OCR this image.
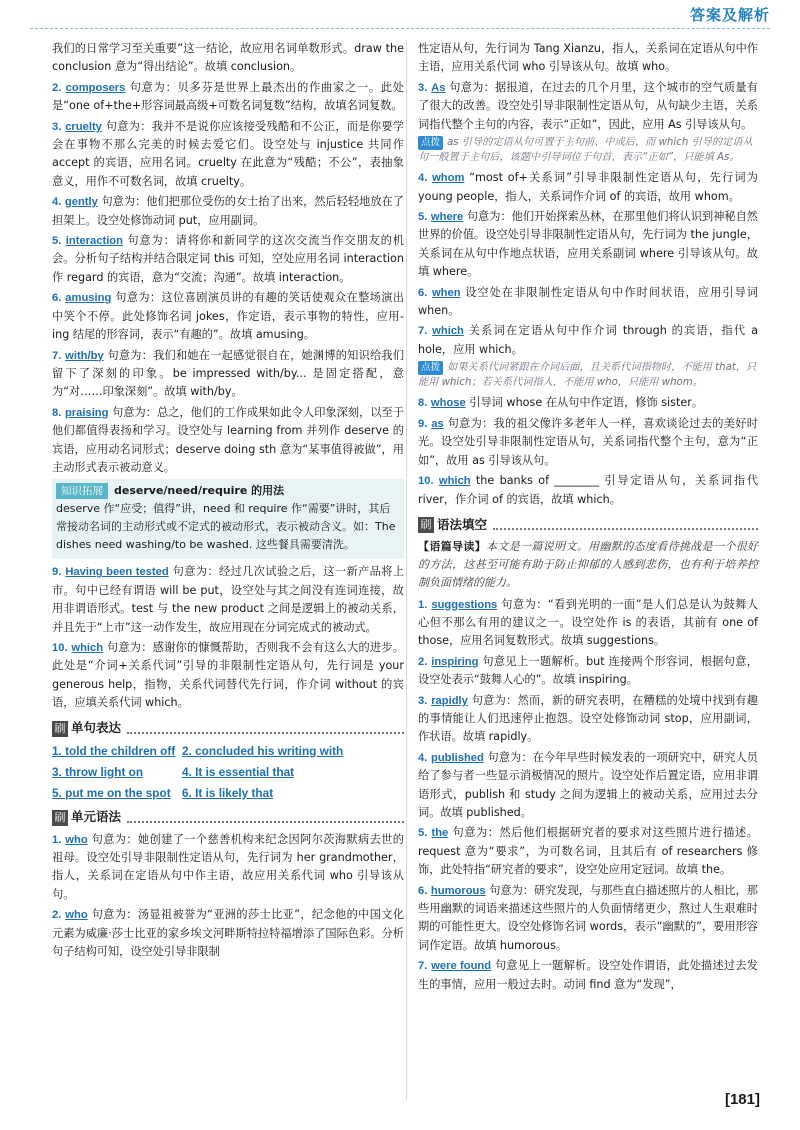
答案及解析

我们的日常学习至关重要”这一结论，故应用名词单数形式。draw the conclusion 意为“得出结论”。故填 conclusion。

2. composers 句意为：贝多芬是世界上最杰出的作曲家之一。此处是“one of+the+形容词最高级+可数名词复数”结构，故填名词复数。

3. cruelty 句意为：我并不是说你应该接受残酷和不公正，而是你要学会在事物不那么完美的时候去爱它们。设空处与 injustice 共同作 accept 的宾语，应用名词。cruelty 在此意为“残酷；不公”，表抽象意义，用作不可数名词，故填 cruelty。

4. gently 句意为：他们把那位受伤的女士抬了出来，然后轻轻地放在了担架上。设空处修饰动词 put，应用副词。

5. interaction 句意为：请将你和新同学的这次交流当作交朋友的机会。分析句子结构并结合限定词 this 可知，空处应用名词 interaction 作 regard 的宾语，意为“交流；沟通”。故填 interaction。

6. amusing 句意为：这位喜剧演员讲的有趣的笑话使观众在整场演出中笑个不停。此处修饰名词 jokes，作定语，表示事物的特性，应用-ing 结尾的形容词，表示“有趣的”。故填 amusing。

7. with/by 句意为：我们和她在一起感觉很自在，她渊博的知识给我们留下了深刻的印象。be impressed with/by... 是固定搭配，意为“对……印象深刻”。故填 with/by。

8. praising 句意为：总之，他们的工作成果如此令人印象深刻，以至于他们都值得表扬和学习。设空处与 learning from 并列作 deserve 的宾语，应用动名词形式；deserve doing sth 意为“某事值得被做”，用主动形式表示被动意义。

知识拓展 deserve/need/require 的用法
deserve 作“应受；值得”讲，need 和 require 作“需要”讲时，其后常接动名词的主动形式或不定式的被动形式，表示被动含义。如：The dishes need washing/to be washed. 这些餐具需要清洗。

9. Having been tested 句意为：经过几次试验之后，这一新产品将上市。句中已经有谓语 will be put，设空处与其之间没有连词连接，故用非谓语形式。test 与 the new product 之间是逻辑上的被动关系，并且先于“上市”这一动作发生，故应用现在分词完成式的被动式。

10. which 句意为：感谢你的慷慨帮助，否则我不会有这么大的进步。此处是“介词+关系代词”引导的非限制性定语从句，先行词是 your generous help，指物，关系代词替代先行词，作介词 without 的宾语，应填关系代词 which。

刷 单句表达
1. told the children off 2. concluded his writing with
3. throw light on	4. It is essential that
5. put me on the spot 6. It is likely that
刷 单元语法

1. who 句意为：她创建了一个慈善机构来纪念因阿尔茨海默病去世的祖母。设空处引导非限制性定语从句，先行词为 her grandmother，指人，关系词在定语从句中作主语，故应用关系代词 who 引导该从句。

2. who 句意为：汤显祖被誉为“亚洲的莎士比亚”，纪念他的中国文化元素为威廉·莎士比亚的家乡埃文河畔斯特拉特福增添了国际色彩。分析句子结构可知，设空处引导非限制

性定语从句，先行词为 Tang Xianzu，指人，关系词在定语从句中作主语，应用关系代词 who 引导该从句。故填 who。

3. As 句意为：据报道，在过去的几个月里，这个城市的空气质量有了很大的改善。设空处引导非限制性定语从句，从句缺少主语，关系词指代整个主句的内容，表示“正如”，因此，应用 As 引导该从句。

点拨 as 引导的定语从句可置于主句前、中或后，而 which 引导的定语从句一般置于主句后，该题中引导词位于句首，表示“正如”，只能填 As。

4. whom “most of+关系词”引导非限制性定语从句，先行词为 young people，指人，关系词作介词 of 的宾语，故用 whom。

5. where 句意为：他们开始探索丛林，在那里他们将认识到神秘自然世界的价值。设空处引导非限制性定语从句，先行词为 the jungle，关系词在从句中作地点状语，应用关系副词 where 引导该从句。故填 where。

6. when 设空处在非限制性定语从句中作时间状语，应用引导词 when。

7. which 关系词在定语从句中作介词 through 的宾语，指代 a hole，应用 which。

点拨 如果关系代词紧跟在介词后面，且关系代词指物时，不能用 that，只能用 which；若关系代词指人，不能用 who，只能用 whom。

8. whose 引导词 whose 在从句中作定语，修饰 sister。

9. as 句意为：我的祖父像许多老年人一样，喜欢谈论过去的美好时光。设空处引导非限制性定语从句，关系词指代整个主句，意为“正如”，故用 as 引导该从句。

10. which the banks of ________ 引导定语从句，关系词指代 river，作介词 of 的宾语，故填 which。

刷 语法填空

【语篇导读】本文是一篇说明文。用幽默的态度看待挑战是一个很好的方法，这甚至可能有助于防止抑郁的人感到悲伤，也有利于培养控制负面情绪的能力。

1. suggestions 句意为：“看到光明的一面”是人们总是认为鼓舞人心但不那么有用的建议之一。设空处作 is 的表语，其前有 one of those，应用名词复数形式。故填 suggestions。

2. inspiring 句意见上一题解析。but 连接两个形容词，根据句意，设空处表示“鼓舞人心的”。故填 inspiring。

3. rapidly 句意为：然而，新的研究表明，在糟糕的处境中找到有趣的事情能让人们迅速停止抱怨。设空处修饰动词 stop，应用副词，作状语。故填 rapidly。

4. published 句意为：在今年早些时候发表的一项研究中，研究人员给了参与者一些显示消极情况的照片。设空处作后置定语，应用非谓语形式，publish 和 study 之间为逻辑上的被动关系，应用过去分词。故填 published。

5. the 句意为：然后他们根据研究者的要求对这些照片进行描述。request 意为“要求”，为可数名词，且其后有 of researchers 修饰，此处特指“研究者的要求”，设空处应用定冠词。故填 the。

6. humorous 句意为：研究发现，与那些直白描述照片的人相比，那些用幽默的词语来描述这些照片的人负面情绪更少，熬过人生艰难时期的可能性更大。设空处修饰名词 words，表示“幽默的”，要用形容词作定语。故填 humorous。

7. were found 句意见上一题解析。设空处作谓语，此处描述过去发生的事情，应用一般过去时。动词 find 意为“发现”，

[181]
